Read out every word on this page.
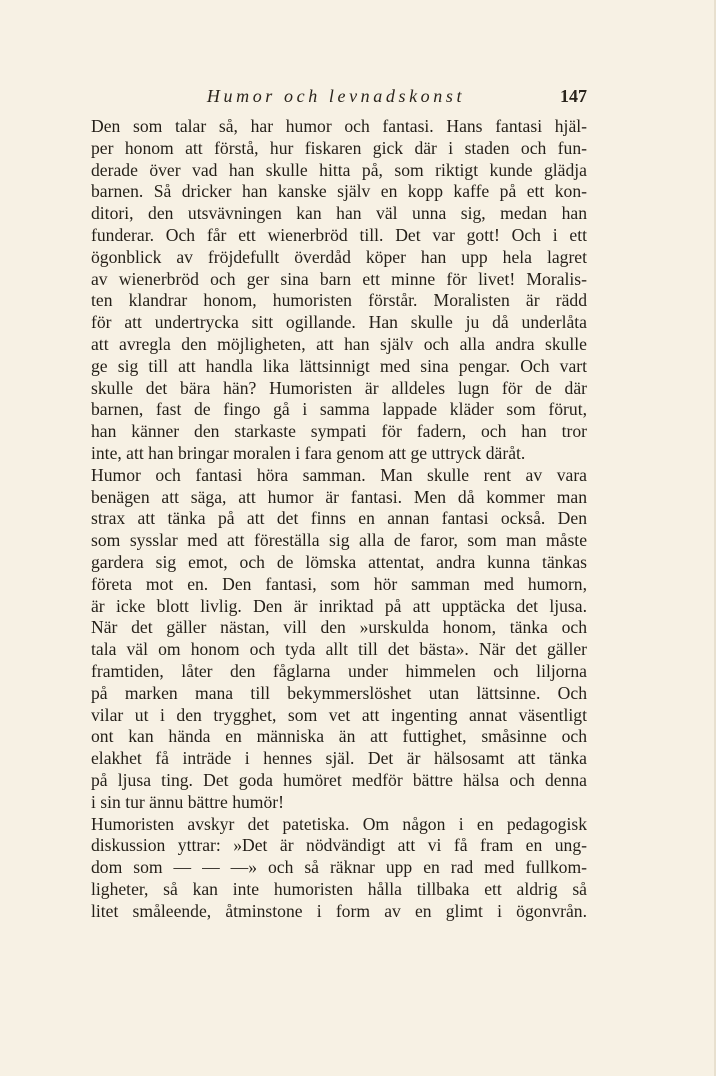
Humor och levnadskonst	147
Den som talar så, har humor och fantasi. Hans fantasi hjäl-
per honom att förstå, hur fiskaren gick där i staden och fun-
derade över vad han skulle hitta på, som riktigt kunde glädja
barnen. Så dricker han kanske själv en kopp kaffe på ett kon-
ditori, den utsvävningen kan han väl unna sig, medan han
funderar. Och får ett wienerbröd till. Det var gott! Och i ett
ögonblick av fröjdefullt överdåd köper han upp hela lagret
av wienerbröd och ger sina barn ett minne för livet! Moralis-
ten klandrar honom, humoristen förstår. Moralisten är rädd
för att undertrycka sitt ogillande. Han skulle ju då underlåta
att avregla den möjligheten, att han själv och alla andra skulle
ge sig till att handla lika lättsinnigt med sina pengar. Och vart
skulle det bära hän? Humoristen är alldeles lugn för de där
barnen, fast de fingo gå i samma lappade kläder som förut,
han känner den starkaste sympati för fadern, och han tror
inte, att han bringar moralen i fara genom att ge uttryck däråt.
Humor och fantasi höra samman. Man skulle rent av vara
benägen att säga, att humor är fantasi. Men då kommer man
strax att tänka på att det finns en annan fantasi också. Den
som sysslar med att föreställa sig alla de faror, som man måste
gardera sig emot, och de lömska attentat, andra kunna tänkas
företa mot en. Den fantasi, som hör samman med humorn,
är icke blott livlig. Den är inriktad på att upptäcka det ljusa.
När det gäller nästan, vill den »urskulda honom, tänka och
tala väl om honom och tyda allt till det bästa». När det gäller
framtiden, låter den fåglarna under himmelen och liljorna
på marken mana till bekymmerslöshet utan lättsinne. Och
vilar ut i den trygghet, som vet att ingenting annat väsentligt
ont kan hända en människa än att futtighet, småsinne och
elakhet få inträde i hennes själ. Det är hälsosamt att tänka
på ljusa ting. Det goda humöret medför bättre hälsa och denna
i sin tur ännu bättre humör!
Humoristen avskyr det patetiska. Om någon i en pedagogisk
diskussion yttrar: »Det är nödvändigt att vi få fram en ung-
dom som — — —» och så räknar upp en rad med fullkom-
ligheter, så kan inte humoristen hålla tillbaka ett aldrig så
litet småleende, åtminstone i form av en glimt i ögonvrån.
